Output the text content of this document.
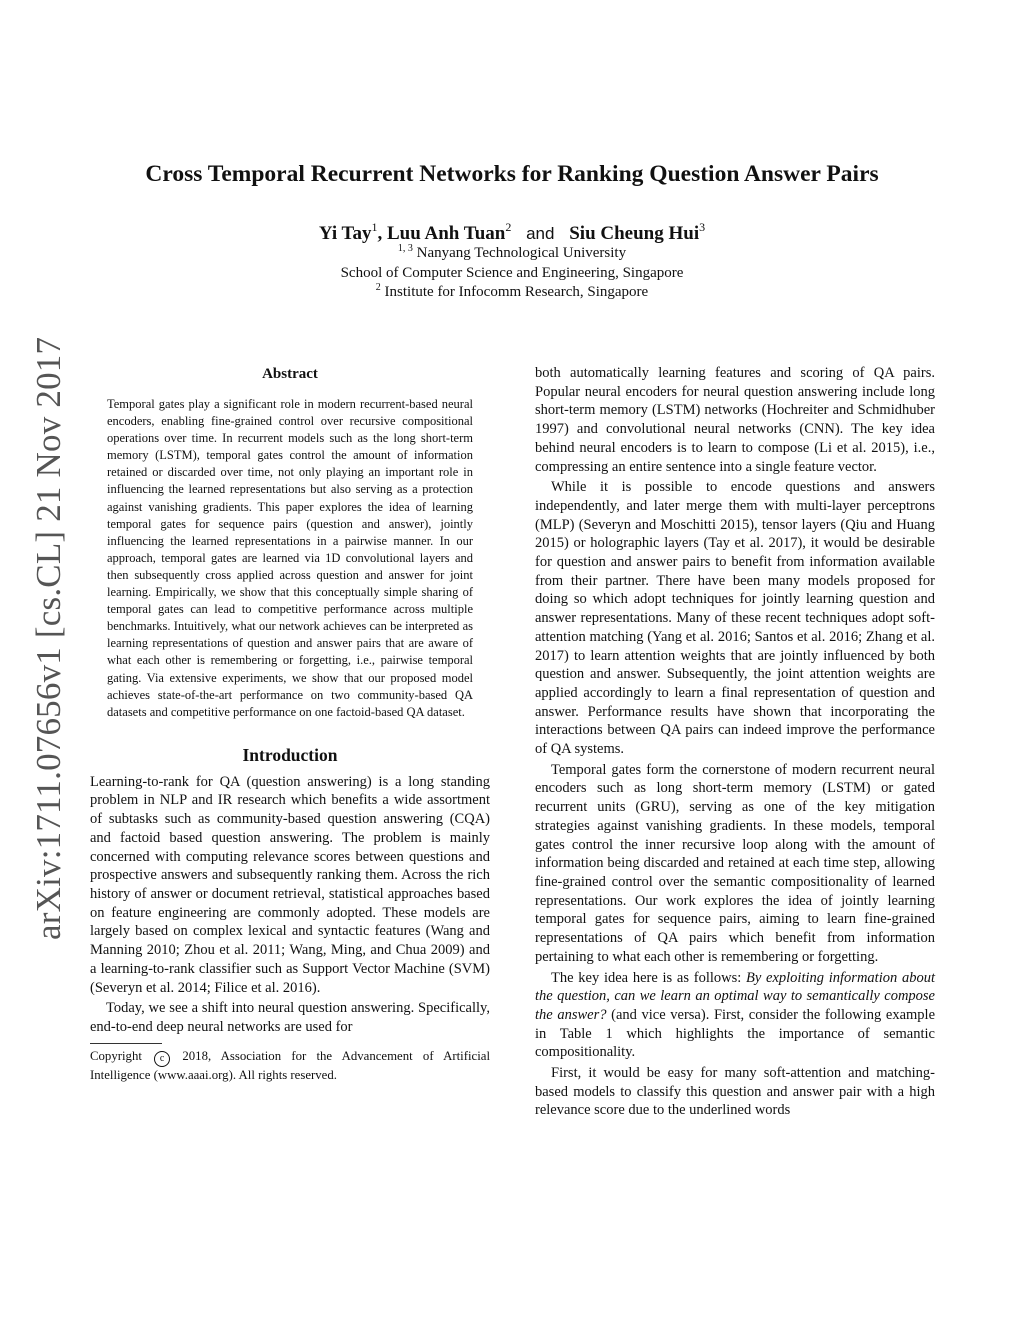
arXiv:1711.07656v1 [cs.CL] 21 Nov 2017
Cross Temporal Recurrent Networks for Ranking Question Answer Pairs
Yi Tay$^1$, Luu Anh Tuan$^2$ and Siu Cheung Hui$^3$
$^{1, 3}$ Nanyang Technological University
School of Computer Science and Engineering, Singapore
$^2$ Institute for Infocomm Research, Singapore
Abstract

Temporal gates play a significant role in modern recurrent-based neural encoders, enabling fine-grained control over recursive compositional operations over time. In recurrent models such as the long short-term memory (LSTM), temporal gates control the amount of information retained or discarded over time, not only playing an important role in influencing the learned representations but also serving as a protection against vanishing gradients. This paper explores the idea of learning temporal gates for sequence pairs (question and answer), jointly influencing the learned representations in a pairwise manner. In our approach, temporal gates are learned via 1D convolutional layers and then subsequently cross applied across question and answer for joint learning. Empirically, we show that this conceptually simple sharing of temporal gates can lead to competitive performance across multiple benchmarks. Intuitively, what our network achieves can be interpreted as learning representations of question and answer pairs that are aware of what each other is remembering or forgetting, i.e., pairwise temporal gating. Via extensive experiments, we show that our proposed model achieves state-of-the-art performance on two community-based QA datasets and competitive performance on one factoid-based QA dataset.

Introduction

Learning-to-rank for QA (question answering) is a long standing problem in NLP and IR research which benefits a wide assortment of subtasks such as community-based question answering (CQA) and factoid based question answering. The problem is mainly concerned with computing relevance scores between questions and prospective answers and subsequently ranking them. Across the rich history of answer or document retrieval, statistical approaches based on feature engineering are commonly adopted. These models are largely based on complex lexical and syntactic features (Wang and Manning 2010; Zhou et al. 2011; Wang, Ming, and Chua 2009) and a learning-to-rank classifier such as Support Vector Machine (SVM) (Severyn et al. 2014; Filice et al. 2016).

Today, we see a shift into neural question answering. Specifically, end-to-end deep neural networks are used for

Copyright c 2018, Association for the Advancement of Artificial Intelligence (www.aaai.org). All rights reserved.

both automatically learning features and scoring of QA pairs. Popular neural encoders for neural question answering include long short-term memory (LSTM) networks (Hochreiter and Schmidhuber 1997) and convolutional neural networks (CNN). The key idea behind neural encoders is to learn to compose (Li et al. 2015), i.e., compressing an entire sentence into a single feature vector.

While it is possible to encode questions and answers independently, and later merge them with multi-layer perceptrons (MLP) (Severyn and Moschitti 2015), tensor layers (Qiu and Huang 2015) or holographic layers (Tay et al. 2017), it would be desirable for question and answer pairs to benefit from information available from their partner. There have been many models proposed for doing so which adopt techniques for jointly learning question and answer representations. Many of these recent techniques adopt soft-attention matching (Yang et al. 2016; Santos et al. 2016; Zhang et al. 2017) to learn attention weights that are jointly influenced by both question and answer. Subsequently, the joint attention weights are applied accordingly to learn a final representation of question and answer. Performance results have shown that incorporating the interactions between QA pairs can indeed improve the performance of QA systems.

Temporal gates form the cornerstone of modern recurrent neural encoders such as long short-term memory (LSTM) or gated recurrent units (GRU), serving as one of the key mitigation strategies against vanishing gradients. In these models, temporal gates control the inner recursive loop along with the amount of information being discarded and retained at each time step, allowing fine-grained control over the semantic compositionality of learned representations. Our work explores the idea of jointly learning temporal gates for sequence pairs, aiming to learn fine-grained representations of QA pairs which benefit from information pertaining to what each other is remembering or forgetting.

The key idea here is as follows: By exploiting information about the question, can we learn an optimal way to semantically compose the answer? (and vice versa). First, consider the following example in Table 1 which highlights the importance of semantic compositionality.

First, it would be easy for many soft-attention and matching-based models to classify this question and answer pair with a high relevance score due to the underlined words
